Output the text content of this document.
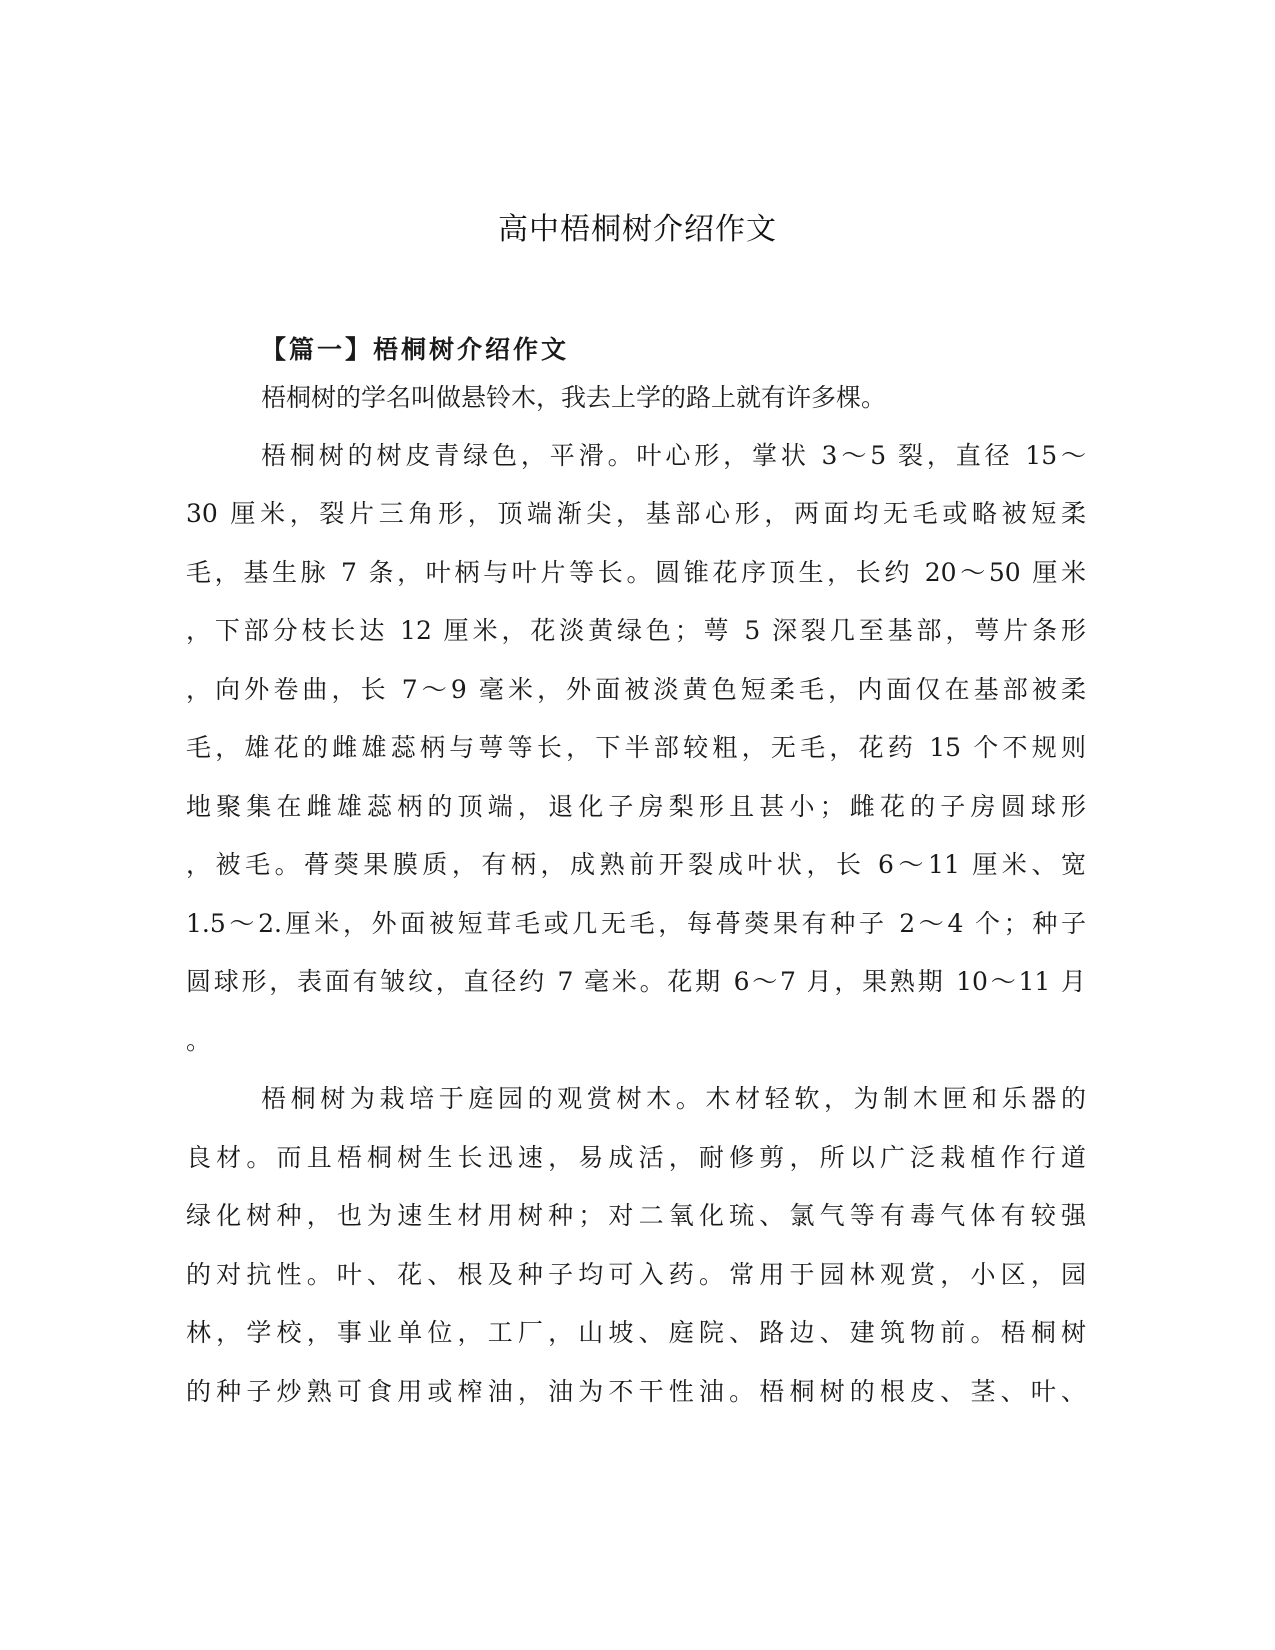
高中梧桐树介绍作文
【篇一】梧桐树介绍作文

梧桐树的学名叫做悬铃木，我去上学的路上就有许多棵。

梧桐树的树皮青绿色，平滑。叶心形，掌状 3～5 裂，直径 15～

30 厘米，裂片三角形，顶端渐尖，基部心形，两面均无毛或略被短柔

毛，基生脉 7 条，叶柄与叶片等长。圆锥花序顶生，长约 20～50 厘米

，下部分枝长达 12 厘米，花淡黄绿色；萼 5 深裂几至基部，萼片条形

，向外卷曲，长 7～9 毫米，外面被淡黄色短柔毛，内面仅在基部被柔

毛，雄花的雌雄蕊柄与萼等长，下半部较粗，无毛，花药 15 个不规则

地聚集在雌雄蕊柄的顶端，退化子房梨形且甚小；雌花的子房圆球形

，被毛。蓇葖果膜质，有柄，成熟前开裂成叶状，长 6～11 厘米、宽

1.5～2.厘米，外面被短茸毛或几无毛，每蓇葖果有种子 2～4 个；种子

圆球形，表面有皱纹，直径约 7 毫米。花期 6～7 月，果熟期 10～11 月

。

梧桐树为栽培于庭园的观赏树木。木材轻软，为制木匣和乐器的

良材。而且梧桐树生长迅速，易成活，耐修剪，所以广泛栽植作行道

绿化树种，也为速生材用树种；对二氧化琉、氯气等有毒气体有较强

的对抗性。叶、花、根及种子均可入药。常用于园林观赏，小区，园

林，学校，事业单位，工厂，山坡、庭院、路边、建筑物前。梧桐树

的种子炒熟可食用或榨油，油为不干性油。梧桐树的根皮、茎、叶、
